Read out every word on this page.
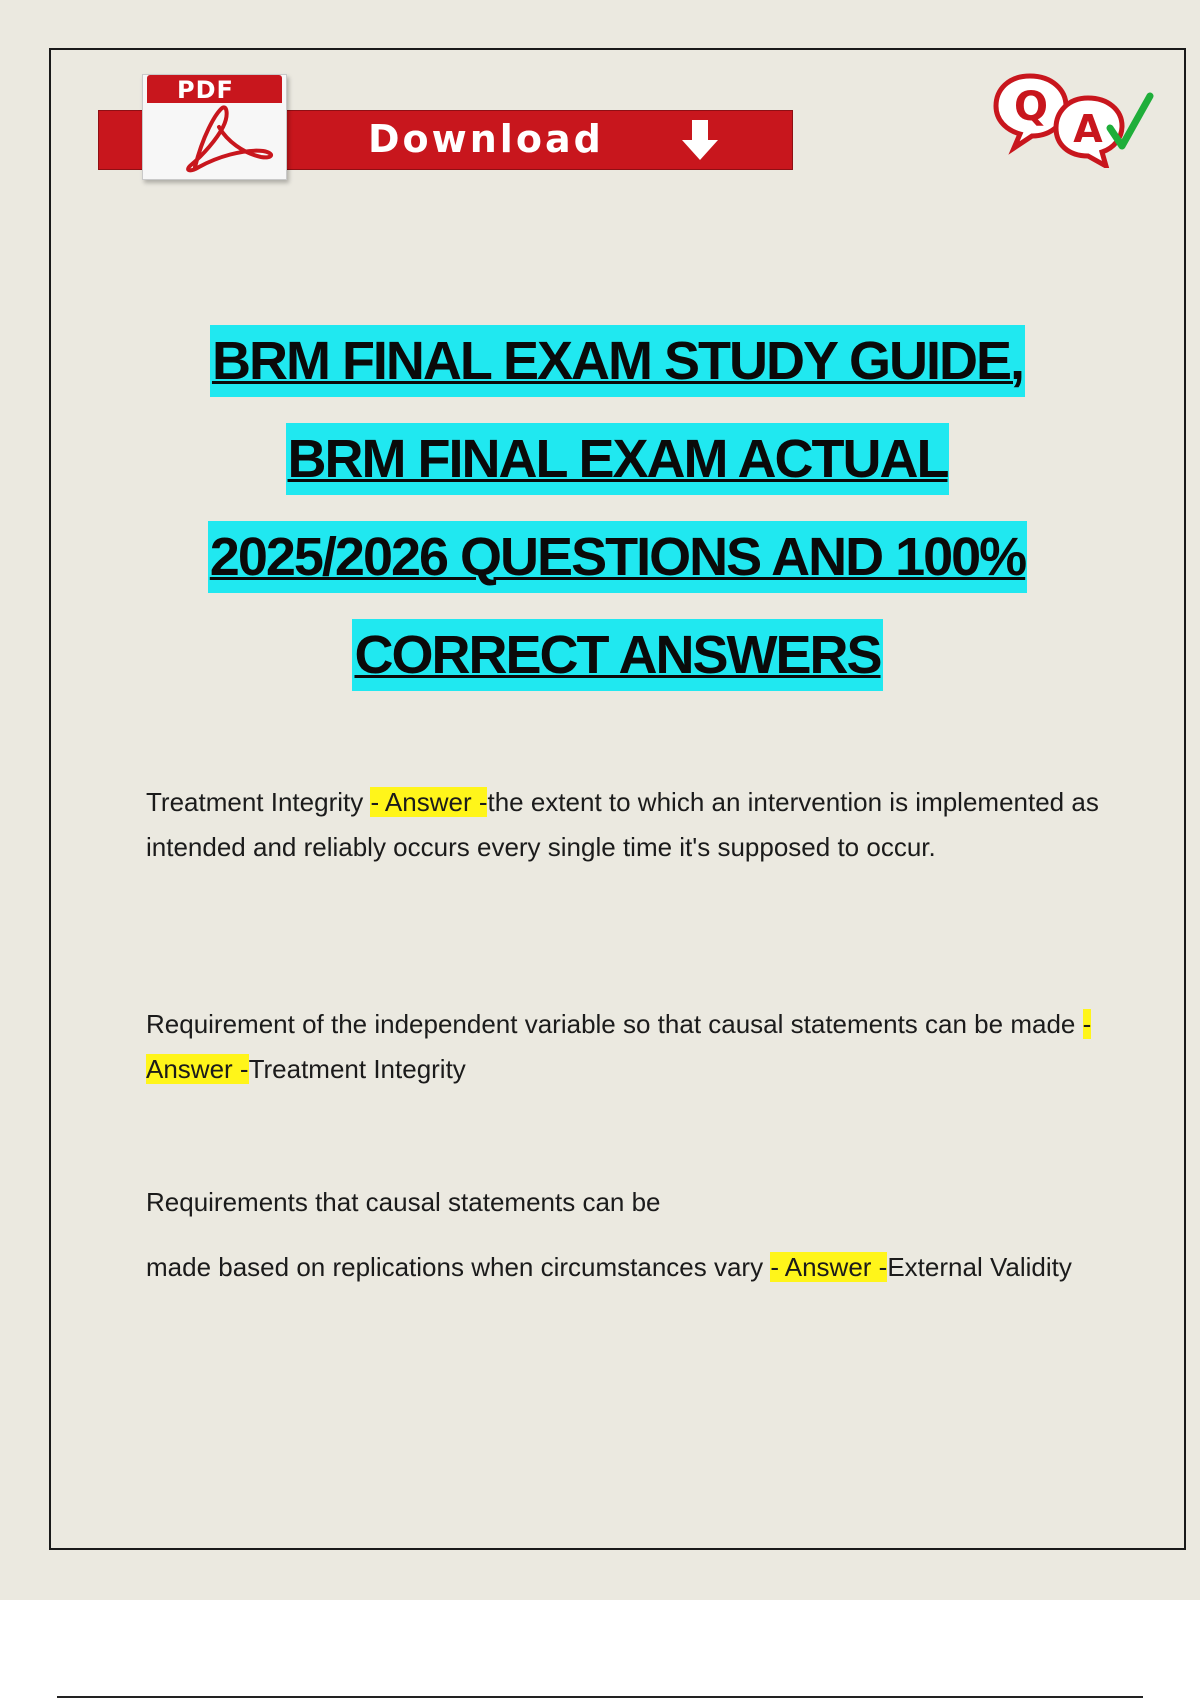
PDF
Download
Q A
BRM FINAL EXAM STUDY GUIDE,
BRM FINAL EXAM ACTUAL
2025/2026 QUESTIONS AND 100%
CORRECT ANSWERS
Treatment Integrity - Answer -the extent to which an intervention is implemented as intended and reliably occurs every single time it's supposed to occur.
Requirement of the independent variable so that causal statements can be made - Answer -Treatment Integrity
Requirements that causal statements can be
made based on replications when circumstances vary - Answer -External Validity
